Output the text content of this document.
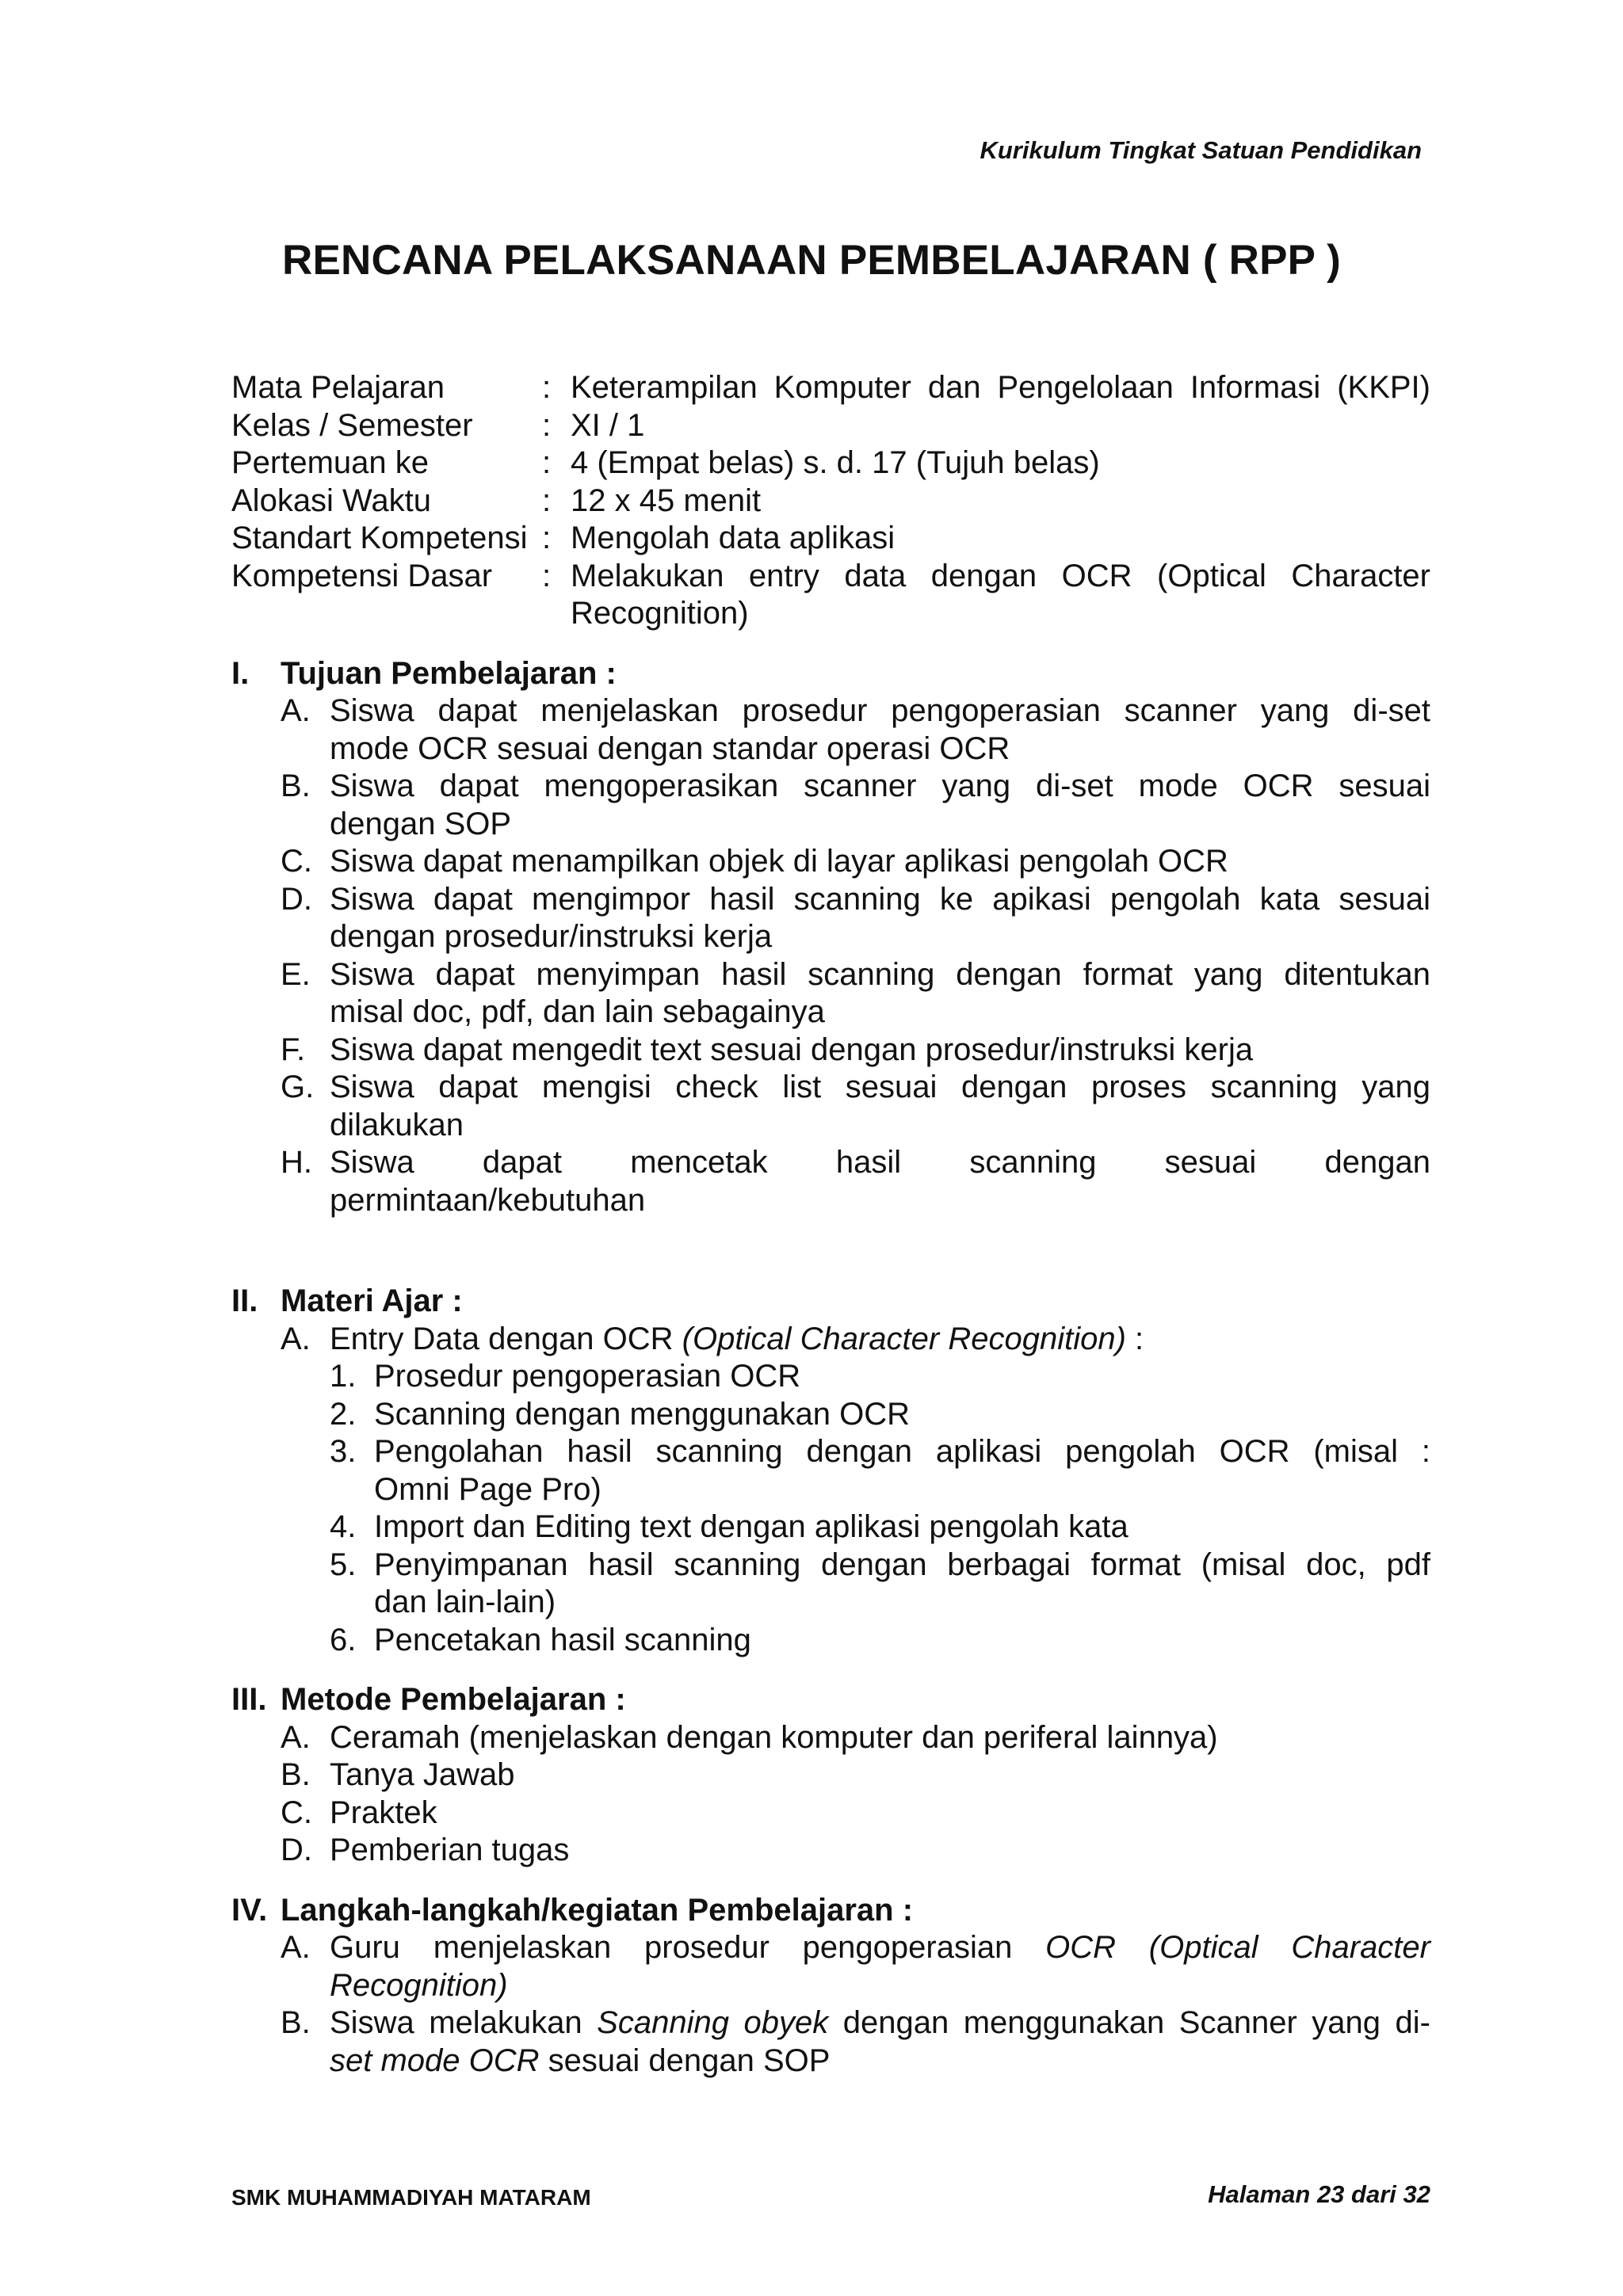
Kurikulum Tingkat Satuan Pendidikan
RENCANA PELAKSANAAN PEMBELAJARAN ( RPP )
Mata Pelajaran	: Keterampilan Komputer dan Pengelolaan Informasi (KKPI)
Kelas / Semester	: XI / 1
Pertemuan ke	: 4 (Empat belas) s. d. 17 (Tujuh belas)
Alokasi Waktu	: 12 x 45 menit
Standart Kompetensi : Mengolah data aplikasi
Kompetensi Dasar	: Melakukan entry data dengan OCR (Optical Character
Recognition)
I. Tujuan Pembelajaran :
A. Siswa dapat menjelaskan prosedur pengoperasian scanner yang di-set
mode OCR sesuai dengan standar operasi OCR
B. Siswa dapat mengoperasikan scanner yang di-set mode OCR sesuai
dengan SOP
C. Siswa dapat menampilkan objek di layar aplikasi pengolah OCR
D. Siswa dapat mengimpor hasil scanning ke apikasi pengolah kata sesuai
dengan prosedur/instruksi kerja
E. Siswa dapat menyimpan hasil scanning dengan format yang ditentukan
misal doc, pdf, dan lain sebagainya
F. Siswa dapat mengedit text sesuai dengan prosedur/instruksi kerja
G. Siswa dapat mengisi check list sesuai dengan proses scanning yang
dilakukan
H. Siswa dapat mencetak hasil scanning sesuai dengan
permintaan/kebutuhan
II. Materi Ajar :
A. Entry Data dengan OCR (Optical Character Recognition) :
1. Prosedur pengoperasian OCR
2. Scanning dengan menggunakan OCR
3. Pengolahan hasil scanning dengan aplikasi pengolah OCR (misal :
Omni Page Pro)
4. Import dan Editing text dengan aplikasi pengolah kata
5. Penyimpanan hasil scanning dengan berbagai format (misal doc, pdf
dan lain-lain)
6. Pencetakan hasil scanning
III. Metode Pembelajaran :
A. Ceramah (menjelaskan dengan komputer dan periferal lainnya)
B. Tanya Jawab
C. Praktek
D. Pemberian tugas
IV. Langkah-langkah/kegiatan Pembelajaran :
A. Guru menjelaskan prosedur pengoperasian OCR (Optical Character
Recognition)
B. Siswa melakukan Scanning obyek dengan menggunakan Scanner yang di-
set mode OCR sesuai dengan SOP
SMK MUHAMMADIYAH MATARAM	Halaman 23 dari 32
